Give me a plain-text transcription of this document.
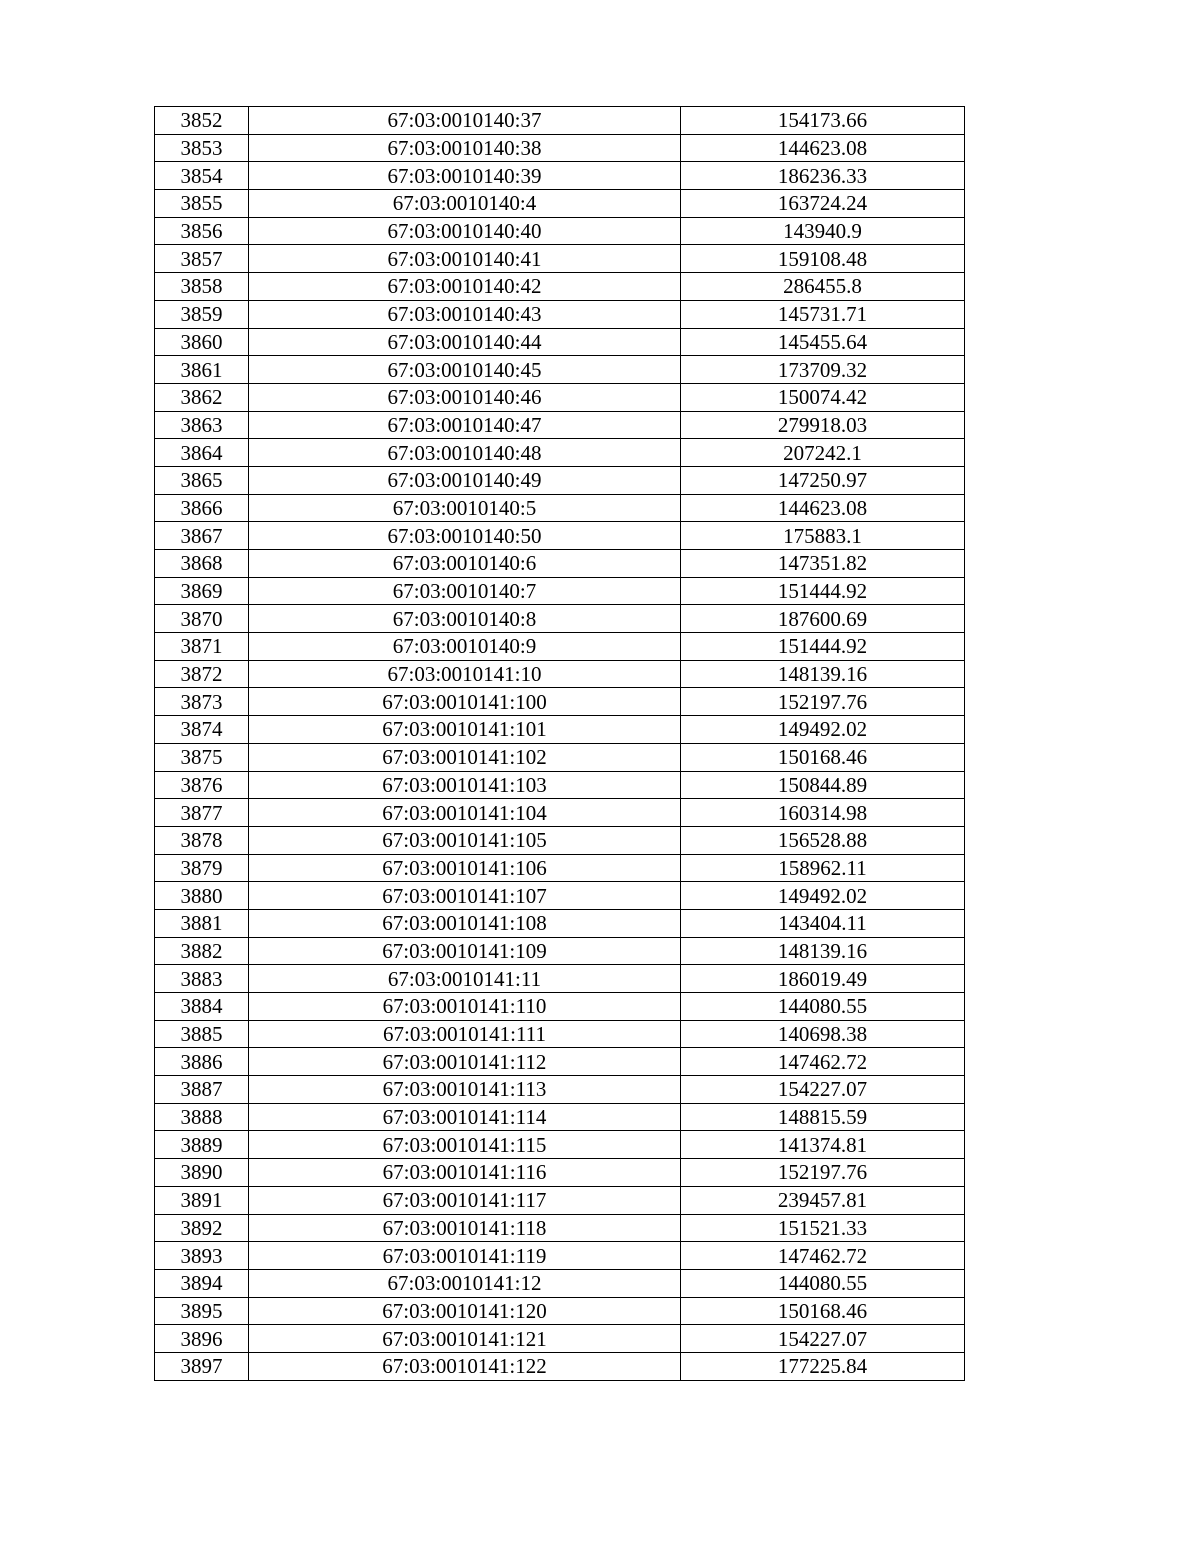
3852	67:03:0010140:37	154173.66
3853	67:03:0010140:38	144623.08
3854	67:03:0010140:39	186236.33
3855	67:03:0010140:4	163724.24
3856	67:03:0010140:40	143940.9
3857	67:03:0010140:41	159108.48
3858	67:03:0010140:42	286455.8
3859	67:03:0010140:43	145731.71
3860	67:03:0010140:44	145455.64
3861	67:03:0010140:45	173709.32
3862	67:03:0010140:46	150074.42
3863	67:03:0010140:47	279918.03
3864	67:03:0010140:48	207242.1
3865	67:03:0010140:49	147250.97
3866	67:03:0010140:5	144623.08
3867	67:03:0010140:50	175883.1
3868	67:03:0010140:6	147351.82
3869	67:03:0010140:7	151444.92
3870	67:03:0010140:8	187600.69
3871	67:03:0010140:9	151444.92
3872	67:03:0010141:10	148139.16
3873	67:03:0010141:100	152197.76
3874	67:03:0010141:101	149492.02
3875	67:03:0010141:102	150168.46
3876	67:03:0010141:103	150844.89
3877	67:03:0010141:104	160314.98
3878	67:03:0010141:105	156528.88
3879	67:03:0010141:106	158962.11
3880	67:03:0010141:107	149492.02
3881	67:03:0010141:108	143404.11
3882	67:03:0010141:109	148139.16
3883	67:03:0010141:11	186019.49
3884	67:03:0010141:110	144080.55
3885	67:03:0010141:111	140698.38
3886	67:03:0010141:112	147462.72
3887	67:03:0010141:113	154227.07
3888	67:03:0010141:114	148815.59
3889	67:03:0010141:115	141374.81
3890	67:03:0010141:116	152197.76
3891	67:03:0010141:117	239457.81
3892	67:03:0010141:118	151521.33
3893	67:03:0010141:119	147462.72
3894	67:03:0010141:12	144080.55
3895	67:03:0010141:120	150168.46
3896	67:03:0010141:121	154227.07
3897	67:03:0010141:122	177225.84
